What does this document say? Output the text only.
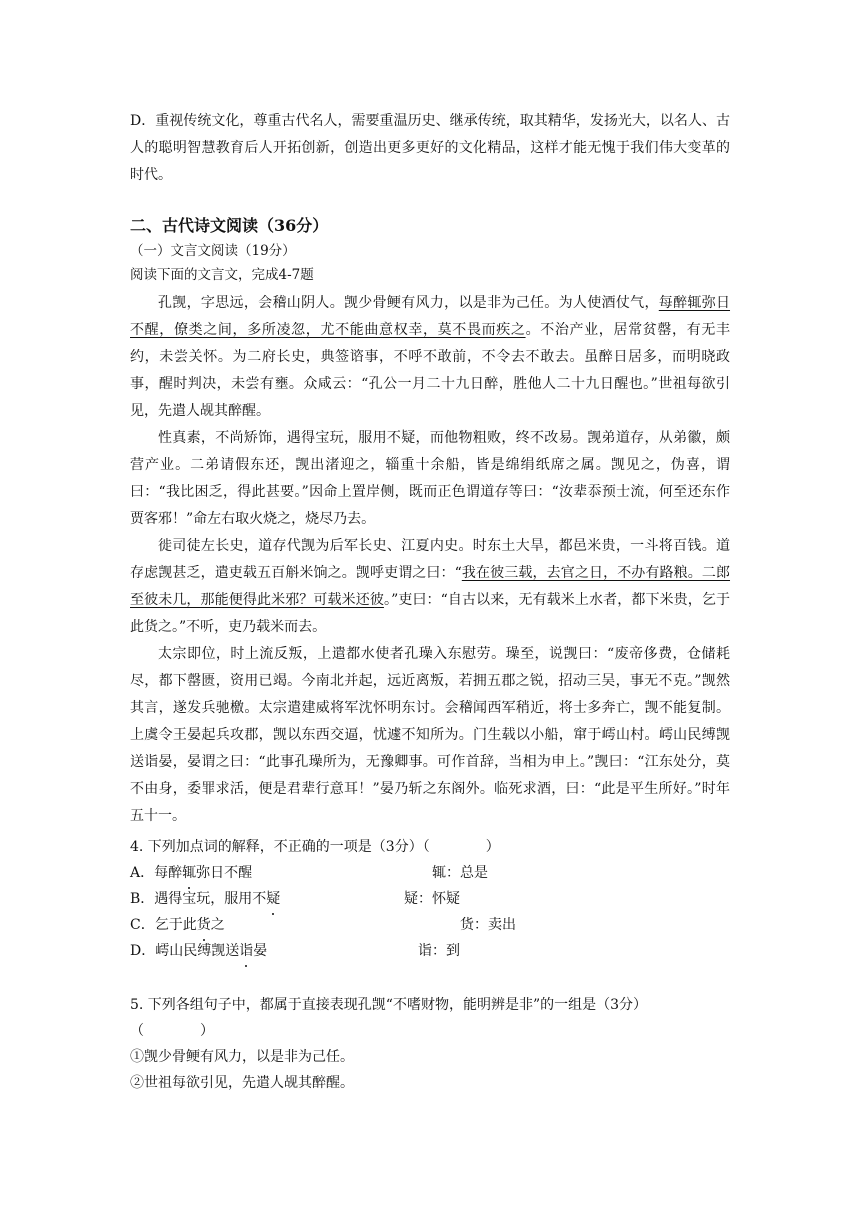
D．重视传统文化，尊重古代名人，需要重温历史、继承传统，取其精华，发扬光大，以名人、古人的聪明智慧教育后人开拓创新，创造出更多更好的文化精品，这样才能无愧于我们伟大变革的时代。

二、古代诗文阅读（36分）

（一）文言文阅读（19分）

阅读下面的文言文，完成4-7题

孔觊，字思远，会稽山阴人。觊少骨鲠有风力，以是非为己任。为人使酒仗气，每醉辄弥日不醒，僚类之间，多所凌忽，尤不能曲意权幸，莫不畏而疾之。不治产业，居常贫罄，有无丰约，未尝关怀。为二府长史，典签谘事，不呼不敢前，不令去不敢去。虽醉日居多，而明晓政事，醒时判决，未尝有壅。众咸云：“孔公一月二十九日醉，胜他人二十九日醒也。”世祖每欲引见，先遣人觇其醉醒。

性真素，不尚矫饰，遇得宝玩，服用不疑，而他物粗败，终不改易。觊弟道存，从弟徽，颇营产业。二弟请假东还，觊出渚迎之，辎重十余船，皆是绵绢纸席之属。觊见之，伪喜，谓曰：“我比困乏，得此甚要。”因命上置岸侧，既而正色谓道存等曰：“汝辈忝预士流，何至还东作贾客邪！”命左右取火烧之，烧尽乃去。

徙司徒左长史，道存代觊为后军长史、江夏内史。时东土大旱，都邑米贵，一斗将百钱。道存虑觊甚乏，遣吏载五百斛米饷之。觊呼吏谓之曰：“我在彼三载，去官之日，不办有路粮。二郎至彼未几，那能便得此米邪？可载米还彼。”吏曰：“自古以来，无有载米上水者，都下米贵，乞于此货之。”不听，吏乃载米而去。

太宗即位，时上流反叛，上遣都水使者孔璪入东慰劳。璪至，说觊曰：“废帝侈费，仓储耗尽，都下罄匮，资用已竭。今南北并起，远近离叛，若拥五郡之锐，招动三吴，事无不克。”觊然其言，遂发兵驰檄。太宗遣建威将军沈怀明东讨。会稽闻西军稍近，将士多奔亡，觊不能复制。上虞令王晏起兵攻郡，觊以东西交逼，忧遽不知所为。门生载以小船，窜于嶀山村。嶀山民缚觊送诣晏，晏谓之曰：“此事孔璪所为，无豫卿事。可作首辞，当相为申上。”觊曰：“江东处分，莫不由身，委罪求活，便是君辈行意耳！”晏乃斩之东阁外。临死求酒，曰：“此是平生所好。”时年五十一。

4. 下列加点词的解释，不正确的一项是（3分）（　　　　）
A．每醉辄弥日不醒	辄：总是
B．遇得宝玩，服用不疑	疑：怀疑
C．乞于此货之	货：卖出
D．嶀山民缚觊送诣晏	诣：到
5. 下列各组句子中，都属于直接表现孔觊“不嗜财物，能明辨是非”的一组是（3分）
（　　　　）
①觊少骨鲠有风力，以是非为己任。
②世祖每欲引见，先遣人觇其醉醒。
